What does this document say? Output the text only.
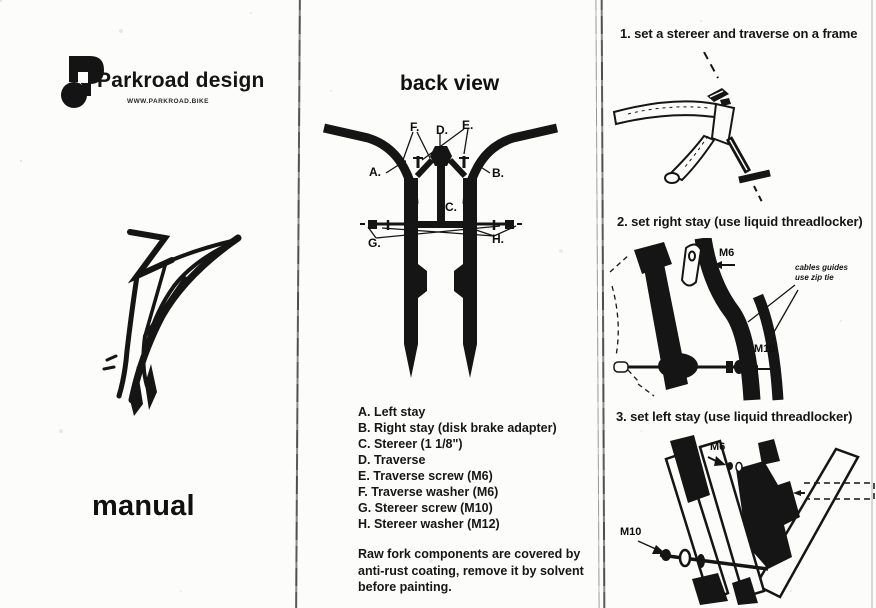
Parkroad design
WWW.PARKROAD.BIKE
manual
back view
A.	B.
C.
D. E.
F.
G.	H.
A. Left stay
B. Right stay (disk brake adapter)
C. Stereer (1 1/8")
D. Traverse
E. Traverse screw (M6)
F. Traverse washer (M6)
G. Stereer screw (M10)
H. Stereer washer (M12)
Raw fork components are covered by anti-rust coating, remove it by solvent before painting.
1. set a stereer and traverse on a frame
2. set right stay (use liquid threadlocker)
M6
M10
cables guides
use zip tie
3. set left stay (use liquid threadlocker)
M6
M10
